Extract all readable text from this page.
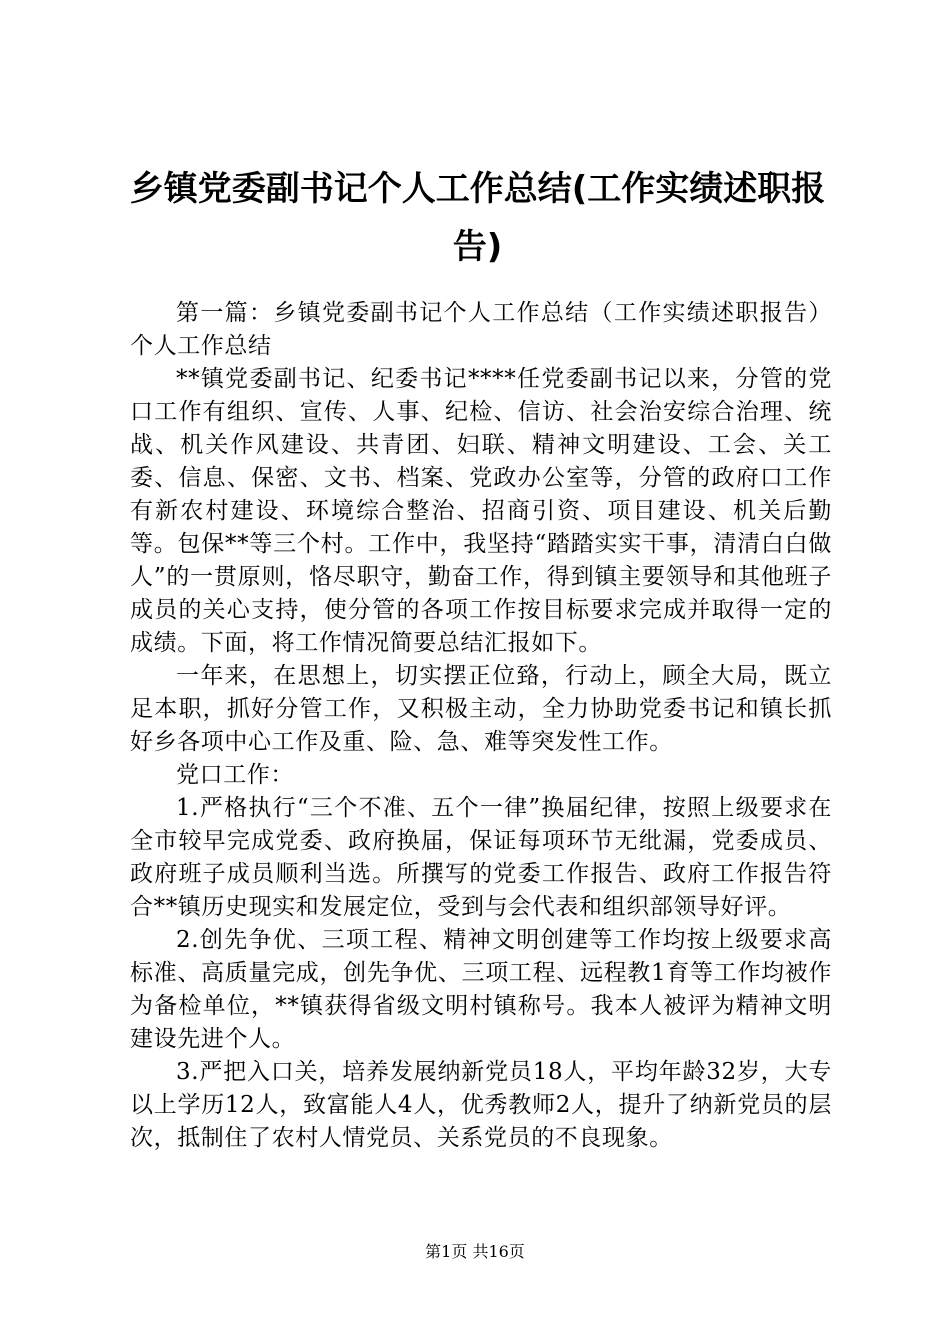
乡镇党委副书记个人工作总结(工作实绩述职报告)

第一篇：乡镇党委副书记个人工作总结（工作实绩述职报告）个人工作总结

**镇党委副书记、纪委书记****任党委副书记以来，分管的党口工作有组织、宣传、人事、纪检、信访、社会治安综合治理、统战、机关作风建设、共青团、妇联、精神文明建设、工会、关工委、信息、保密、文书、档案、党政办公室等，分管的政府口工作有新农村建设、环境综合整治、招商引资、项目建设、机关后勤等。包保**等三个村。工作中，我坚持“踏踏实实干事，清清白白做人”的一贯原则，恪尽职守，勤奋工作，得到镇主要领导和其他班子成员的关心支持，使分管的各项工作按目标要求完成并取得一定的成绩。下面，将工作情况简要总结汇报如下。

一年来，在思想上，切实摆正位臵，行动上，顾全大局，既立足本职，抓好分管工作，又积极主动，全力协助党委书记和镇长抓好乡各项中心工作及重、险、急、难等突发性工作。

党口工作：

1.严格执行“三个不准、五个一律”换届纪律，按照上级要求在全市较早完成党委、政府换届，保证每项环节无纰漏，党委成员、政府班子成员顺利当选。所撰写的党委工作报告、政府工作报告符合**镇历史现实和发展定位，受到与会代表和组织部领导好评。

2.创先争优、三项工程、精神文明创建等工作均按上级要求高标准、高质量完成，创先争优、三项工程、远程教1育等工作均被作为备检单位，**镇获得省级文明村镇称号。我本人被评为精神文明建设先进个人。

3.严把入口关，培养发展纳新党员18人，平均年龄32岁，大专以上学历12人，致富能人4人，优秀教师2人，提升了纳新党员的层次，抵制住了农村人情党员、关系党员的不良现象。

第1页 共16页
